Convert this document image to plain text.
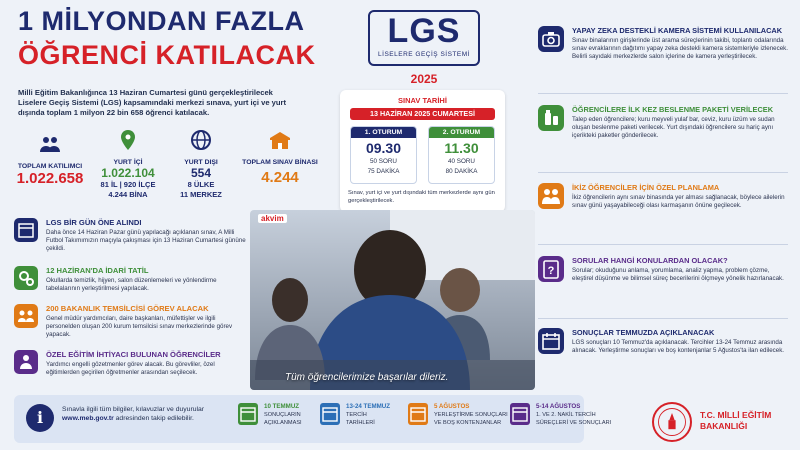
1 MİLYONDAN FAZLA
ÖĞRENCİ KATILACAK
Milli Eğitim Bakanlığınca 13 Haziran Cumartesi günü gerçekleştirilecek Liselere Geçiş Sistemi (LGS) kapsamındaki merkezi sınava, yurt içi ve yurt dışında toplam 1 milyon 22 bin 658 öğrenci katılacak.
TOPLAM KATILIMCI
1.022.658
YURT İÇİ
1.022.104
81 İL | 920 İLÇE
4.244 BİNA
YURT DIŞI
554
8 ÜLKE
11 MERKEZ
TOPLAM SINAV BİNASI
4.244
LGS BİR GÜN ÖNE ALINDI
Daha önce 14 Haziran Pazar günü yapılacağı açıklanan sınav, A Milli Futbol Takımımızın maçıyla çakışması için 13 Haziran Cumartesi gününe çekildi.
12 HAZİRAN'DA İDARİ TATİL
Okullarda temizlik, hijyen, salon düzenlemeleri ve yönlendirme tabelalarının yerleştirilmesi yapılacak.
200 BAKANLIK TEMSİLCİSİ GÖREV ALACAK
Genel müdür yardımcıları, daire başkanları, müfettişler ve ilgili personelden oluşan 200 kurum temsilcisi sınav merkezlerinde görev yapacak.
ÖZEL EĞİTİM İHTİYACI BULUNAN ÖĞRENCİLER
Yardımcı engelli gözetmenler görev alacak. Bu görevliler, özel eğitimlerden geçirilen öğretmenler arasından seçilecek.
LGS
LİSELERE GEÇİŞ SİSTEMİ
2025
SINAV TARİHİ
13 HAZİRAN 2025 CUMARTESİ
1. OTURUM
09.30
50 SORU
75 DAKİKA
2. OTURUM
11.30
40 SORU
80 DAKİKA
Sınav, yurt içi ve yurt dışındaki tüm merkezlerde aynı gün gerçekleştirilecek.
akvim
Tüm öğrencilerimize başarılar dileriz.
YAPAY ZEKA DESTEKLİ KAMERA SİSTEMİ KULLANILACAK
Sınav binalarının girişlerinde üst arama süreçlerinin takibi, toplantı odalarında sınav evraklarının dağıtımı yapay zeka destekli kamera sistemleriyle izlenecek. Belirli sayıdaki merkezlerde salon içlerine de kamera yerleştirilecek.
ÖĞRENCİLERE İLK KEZ BESLENME PAKETİ VERİLECEK
Talep eden öğrencilere; kuru meyveli yulaf bar, ceviz, kuru üzüm ve sudan oluşan beslenme paketi verilecek. Yurt dışındaki öğrencilere su hariç aynı içerikteki paketler gönderilecek.
İKİZ ÖĞRENCİLER İÇİN ÖZEL PLANLAMA
İkiz öğrencilerin aynı sınav binasında yer alması sağlanacak, böylece ailelerin sınav günü yaşayabileceği olası karmaşanın önüne geçilecek.
?
SORULAR HANGİ KONULARDAN OLACAK?
Sorular; okuduğunu anlama, yorumlama, analiz yapma, problem çözme, eleştirel düşünme ve bilimsel süreç becerilerini ölçmeye yönelik hazırlanacak.
SONUÇLAR TEMMUZDA AÇIKLANACAK
LGS sonuçları 10 Temmuz'da açıklanacak. Tercihler 13-24 Temmuz arasında alınacak. Yerleştirme sonuçları ve boş kontenjanlar 5 Ağustos'ta ilan edilecek.
i	Sınavla ilgili tüm bilgiler, kılavuzlar ve duyurular www.meb.gov.tr adresinden takip edilebilir.
10 TEMMUZ
SONUÇLARIN
AÇIKLANMASI
13-24 TEMMUZ
TERCİH
TARİHLERİ
5 AĞUSTOS
YERLEŞTİRME SONUÇLARI
VE BOŞ KONTENJANLAR
5-14 AĞUSTOS
1. VE 2. NAKİL TERCİH
SÜREÇLERİ VE SONUÇLARI
T.C. MİLLİ EĞİTİM
BAKANLIĞI
